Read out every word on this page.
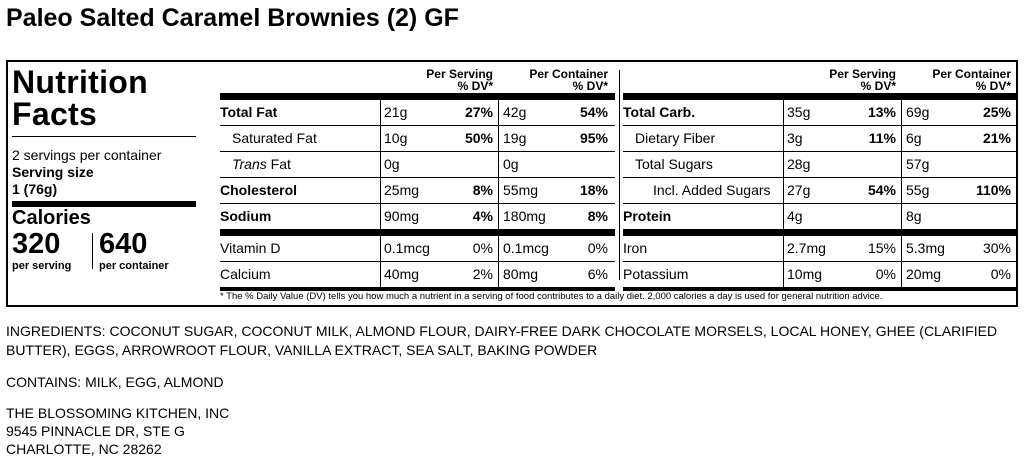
Paleo Salted Caramel Brownies (2) GF
Nutrition
Facts
2 servings per container
Serving size
1 (76g)
Calories
320
per serving
640
per container
Per Serving
% DV*
Per Container
% DV*
Total Fat	21g	27% 42g	54%
Saturated Fat	10g	50% 19g	95%
Trans Fat	0g	0g
Cholesterol	25mg	8% 55mg	18%
Sodium	90mg	4% 180mg	8%
Vitamin D	0.1mcg	0% 0.1mcg	0%
Calcium	40mg	2% 80mg	6%
Per Serving
% DV*
Per Container
% DV*
Total Carb.	35g	13% 69g	25%
Dietary Fiber	3g	11% 6g	21%
Total Sugars	28g	57g
Incl. Added Sugars 27g	54% 55g	110%
Protein	4g	8g
Iron	2.7mg	15% 5.3mg	30%
Potassium	10mg	0% 20mg	0%
* The % Daily Value (DV) tells you how much a nutrient in a serving of food contributes to a daily diet. 2,000 calories a day is used for general nutrition advice.
INGREDIENTS: COCONUT SUGAR, COCONUT MILK, ALMOND FLOUR, DAIRY-FREE DARK CHOCOLATE MORSELS, LOCAL HONEY, GHEE (CLARIFIED BUTTER), EGGS, ARROWROOT FLOUR, VANILLA EXTRACT, SEA SALT, BAKING POWDER
CONTAINS: MILK, EGG, ALMOND
THE BLOSSOMING KITCHEN, INC
9545 PINNACLE DR, STE G
CHARLOTTE, NC 28262
